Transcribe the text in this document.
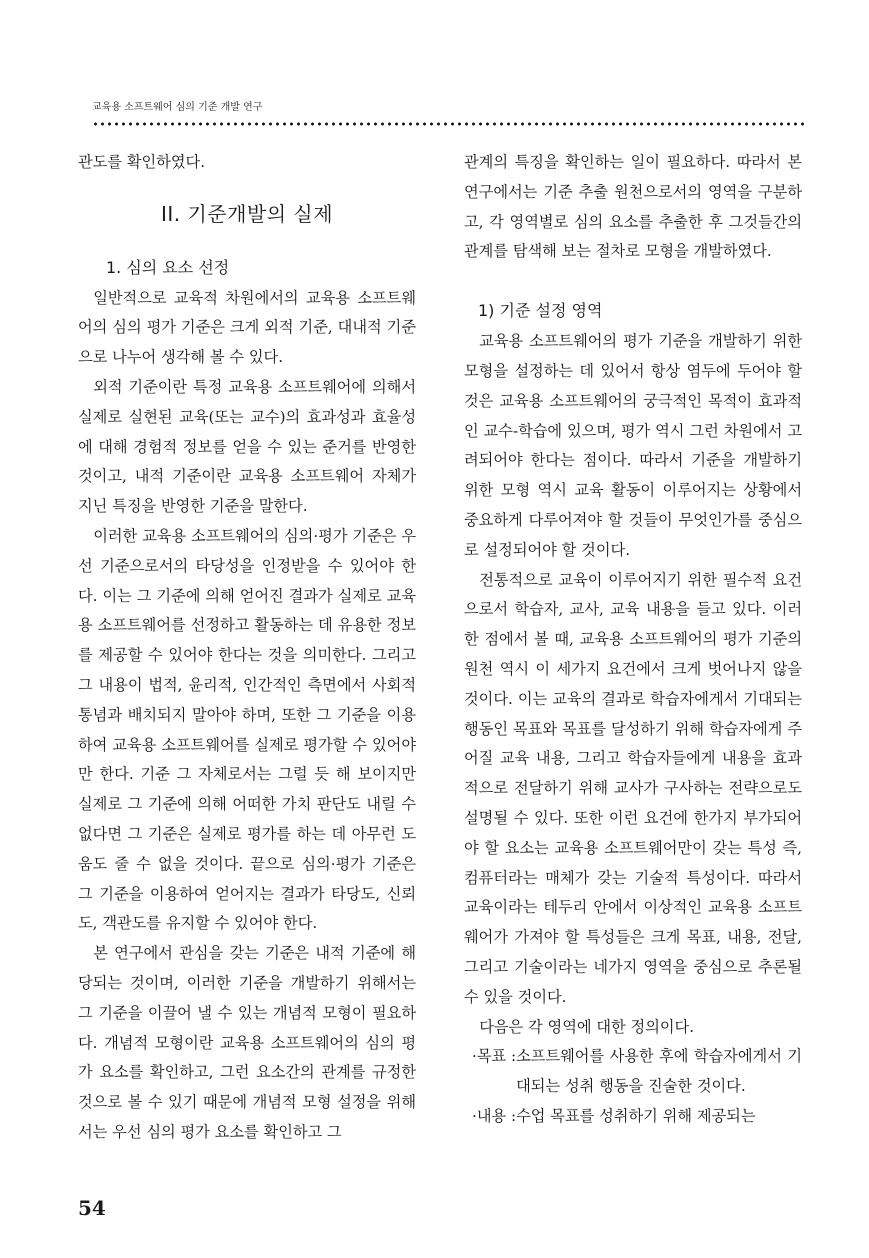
교육용 소프트웨어 심의 기준 개발 연구

관도를 확인하였다.

II. 기준개발의 실제

1. 심의 요소 선정

일반적으로 교육적 차원에서의 교육용 소프트웨어의 심의 평가 기준은 크게 외적 기준, 대내적 기준으로 나누어 생각해 볼 수 있다.

외적 기준이란 특정 교육용 소프트웨어에 의해서 실제로 실현된 교육(또는 교수)의 효과성과 효율성에 대해 경험적 정보를 얻을 수 있는 준거를 반영한 것이고, 내적 기준이란 교육용 소프트웨어 자체가 지닌 특징을 반영한 기준을 말한다.

이러한 교육용 소프트웨어의 심의·평가 기준은 우선 기준으로서의 타당성을 인정받을 수 있어야 한다. 이는 그 기준에 의해 얻어진 결과가 실제로 교육용 소프트웨어를 선정하고 활동하는 데 유용한 정보를 제공할 수 있어야 한다는 것을 의미한다. 그리고 그 내용이 법적, 윤리적, 인간적인 측면에서 사회적 통념과 배치되지 말아야 하며, 또한 그 기준을 이용하여 교육용 소프트웨어를 실제로 평가할 수 있어야만 한다. 기준 그 자체로서는 그럴 듯 해 보이지만 실제로 그 기준에 의해 어떠한 가치 판단도 내릴 수 없다면 그 기준은 실제로 평가를 하는 데 아무런 도움도 줄 수 없을 것이다. 끝으로 심의·평가 기준은 그 기준을 이용하여 얻어지는 결과가 타당도, 신뢰도, 객관도를 유지할 수 있어야 한다.

본 연구에서 관심을 갖는 기준은 내적 기준에 해당되는 것이며, 이러한 기준을 개발하기 위해서는 그 기준을 이끌어 낼 수 있는 개념적 모형이 필요하다. 개념적 모형이란 교육용 소프트웨어의 심의 평가 요소를 확인하고, 그런 요소간의 관계를 규정한 것으로 볼 수 있기 때문에 개념적 모형 설정을 위해서는 우선 심의 평가 요소를 확인하고 그

관계의 특징을 확인하는 일이 필요하다. 따라서 본 연구에서는 기준 추출 원천으로서의 영역을 구분하고, 각 영역별로 심의 요소를 추출한 후 그것들간의 관계를 탐색해 보는 절차로 모형을 개발하였다.

1) 기준 설정 영역

교육용 소프트웨어의 평가 기준을 개발하기 위한 모형을 설정하는 데 있어서 항상 염두에 두어야 할 것은 교육용 소프트웨어의 궁극적인 목적이 효과적인 교수-학습에 있으며, 평가 역시 그런 차원에서 고려되어야 한다는 점이다. 따라서 기준을 개발하기 위한 모형 역시 교육 활동이 이루어지는 상황에서 중요하게 다루어져야 할 것들이 무엇인가를 중심으로 설정되어야 할 것이다.

전통적으로 교육이 이루어지기 위한 필수적 요건으로서 학습자, 교사, 교육 내용을 들고 있다. 이러한 점에서 볼 때, 교육용 소프트웨어의 평가 기준의 원천 역시 이 세가지 요건에서 크게 벗어나지 않을 것이다. 이는 교육의 결과로 학습자에게서 기대되는 행동인 목표와 목표를 달성하기 위해 학습자에게 주어질 교육 내용, 그리고 학습자들에게 내용을 효과적으로 전달하기 위해 교사가 구사하는 전략으로도 설명될 수 있다. 또한 이런 요건에 한가지 부가되어야 할 요소는 교육용 소프트웨어만이 갖는 특성 즉, 컴퓨터라는 매체가 갖는 기술적 특성이다. 따라서 교육이라는 테두리 안에서 이상적인 교육용 소프트웨어가 가져야 할 특성들은 크게 목표, 내용, 전달, 그리고 기술이라는 네가지 영역을 중심으로 추론될 수 있을 것이다.

다음은 각 영역에 대한 정의이다.

·목표 : 소프트웨어를 사용한 후에 학습자에게서 기대되는 성취 행동을 진술한 것이다.
·내용 : 수업 목표를 성취하기 위해 제공되는
54
